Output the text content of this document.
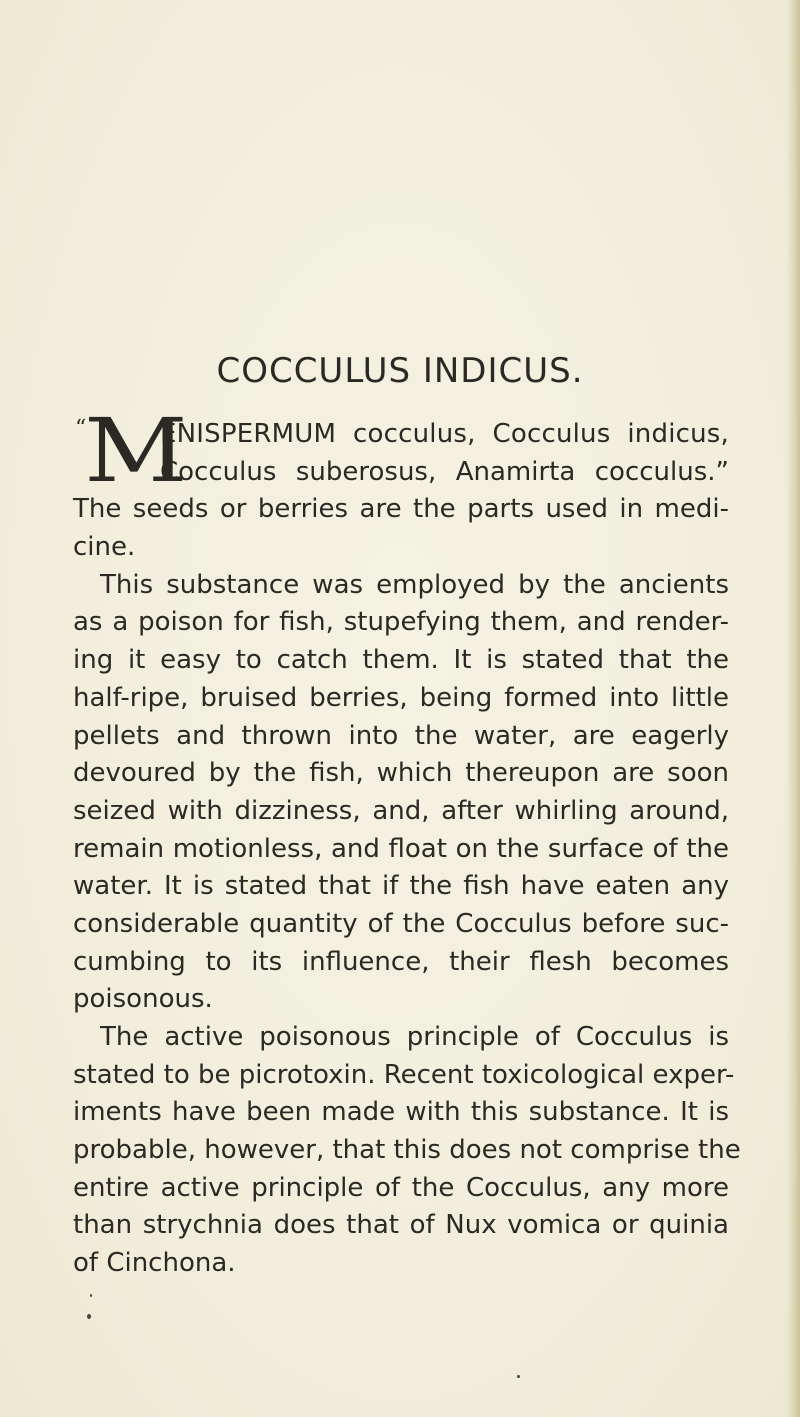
COCCULUS INDICUS.
“
M
ENISPERMUM cocculus, Cocculus indicus,
Cocculus suberosus, Anamirta cocculus.”
The seeds or berries are the parts used in medi-
cine.
This substance was employed by the ancients
as a poison for fish, stupefying them, and render-
ing it easy to catch them. It is stated that the
half-ripe, bruised berries, being formed into little
pellets and thrown into the water, are eagerly
devoured by the fish, which thereupon are soon
seized with dizziness, and, after whirling around,
remain motionless, and float on the surface of the
water. It is stated that if the fish have eaten any
considerable quantity of the Cocculus before suc-
cumbing to its influence, their flesh becomes
poisonous.
The active poisonous principle of Cocculus is
stated to be picrotoxin. Recent toxicological exper-
iments have been made with this substance. It is
probable, however, that this does not comprise the
entire active principle of the Cocculus, any more
than strychnia does that of Nux vomica or quinia
of Cinchona.
